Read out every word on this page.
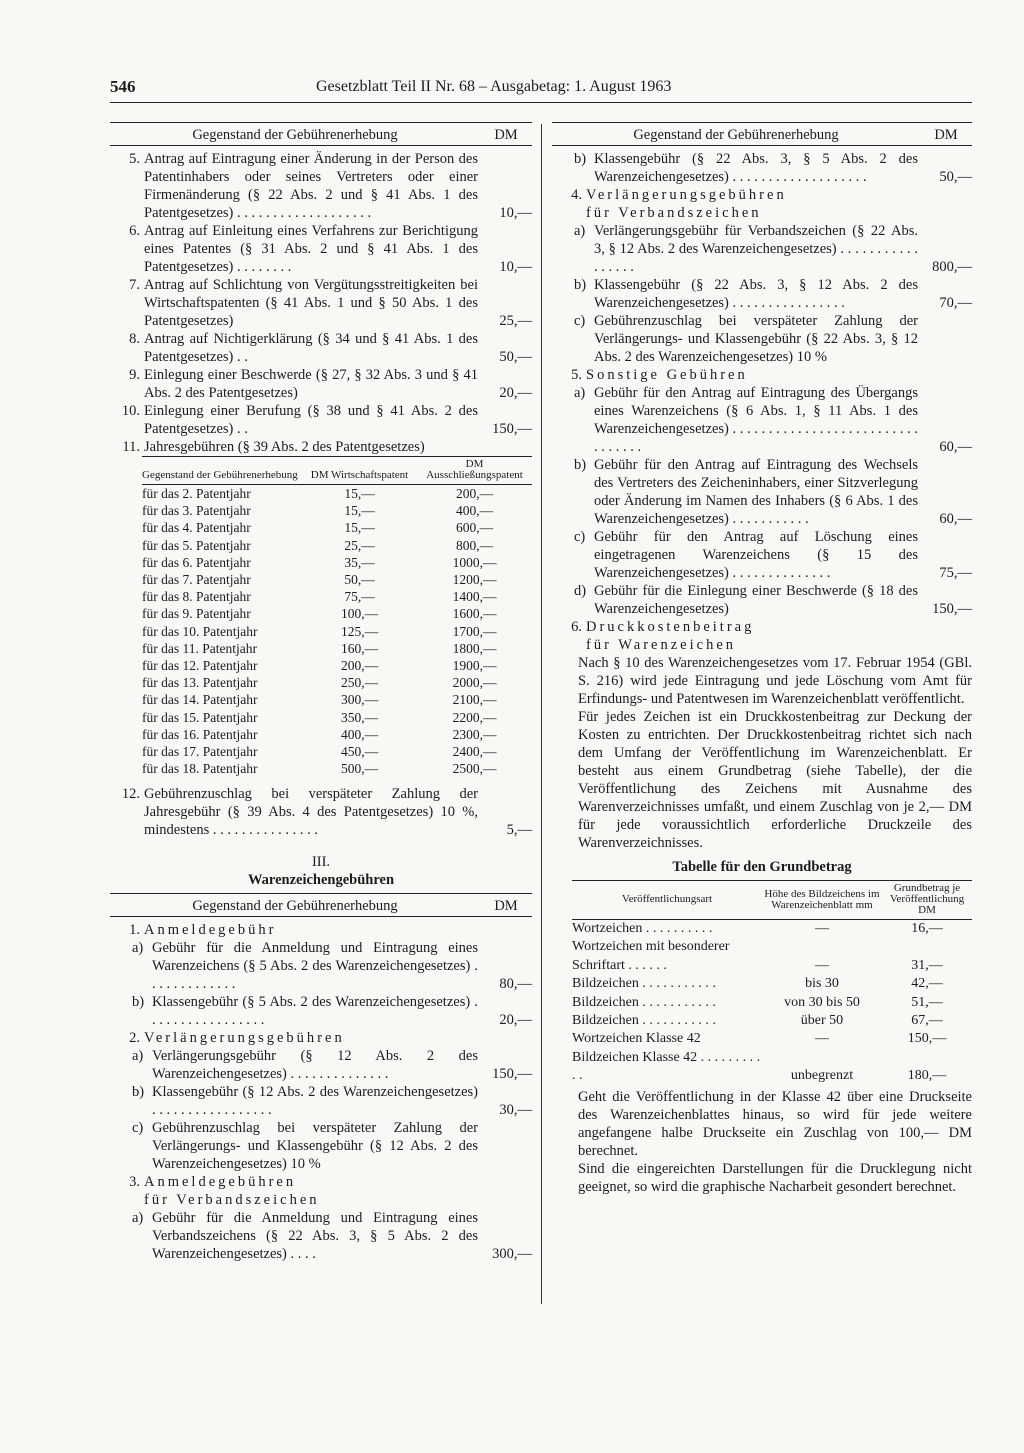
546	Gesetzblatt Teil II Nr. 68 – Ausgabetag: 1. August 1963
Gegenstand der Gebührenerhebung	DM
5. Antrag auf Eintragung einer Änderung in der Person des Patentinhabers oder seines Vertreters oder einer Firmenänderung (§ 22 Abs. 2 und § 41 Abs. 1 des Patentgesetzes) . . . . . . . . . . . . . . . . . . .	10,—
6. Antrag auf Einleitung eines Verfahrens zur Berichtigung eines Patentes (§ 31 Abs. 2 und § 41 Abs. 1 des Patentgesetzes) . . . . . . . .	10,—
7. Antrag auf Schlichtung von Vergütungsstreitigkeiten bei Wirtschaftspatenten (§ 41 Abs. 1 und § 50 Abs. 1 des Patentgesetzes)	25,—
8. Antrag auf Nichtigerklärung (§ 34 und § 41 Abs. 1 des Patentgesetzes) . .	50,—
9. Einlegung einer Beschwerde (§ 27, § 32 Abs. 3 und § 41 Abs. 2 des Patentgesetzes)	20,—
10. Einlegung einer Berufung (§ 38 und § 41 Abs. 2 des Patentgesetzes) . .	150,—
11. Jahresgebühren (§ 39 Abs. 2 des Patentgesetzes)
Gegenstand der Gebührenerhebung	DM Wirtschaftspatent	DM Ausschließungspatent
für das 2. Patentjahr	15,—	200,—
für das 3. Patentjahr	15,—	400,—
für das 4. Patentjahr	15,—	600,—
für das 5. Patentjahr	25,—	800,—
für das 6. Patentjahr	35,—	1000,—
für das 7. Patentjahr	50,—	1200,—
für das 8. Patentjahr	75,—	1400,—
für das 9. Patentjahr	100,—	1600,—
für das 10. Patentjahr	125,—	1700,—
für das 11. Patentjahr	160,—	1800,—
für das 12. Patentjahr	200,—	1900,—
für das 13. Patentjahr	250,—	2000,—
für das 14. Patentjahr	300,—	2100,—
für das 15. Patentjahr	350,—	2200,—
für das 16. Patentjahr	400,—	2300,—
für das 17. Patentjahr	450,—	2400,—
für das 18. Patentjahr	500,—	2500,—
12. Gebührenzuschlag bei verspäteter Zahlung der Jahresgebühr (§ 39 Abs. 4 des Patentgesetzes) 10 %, mindestens . . . . . . . . . . . . . . .	5,—
III.
Warenzeichengebühren
Gegenstand der Gebührenerhebung	DM
1. Anmeldegebühr
a) Gebühr für die Anmeldung und Eintragung eines Warenzeichens (§ 5 Abs. 2 des Warenzeichengesetzes) . . . . . . . . . . . . .	80,—
b) Klassengebühr (§ 5 Abs. 2 des Warenzeichengesetzes) . . . . . . . . . . . . . . . . .	20,—
2. Verlängerungsgebühren
a) Verlängerungsgebühr (§ 12 Abs. 2 des Warenzeichengesetzes) . . . . . . . . . . . . . .	150,—
b) Klassengebühr (§ 12 Abs. 2 des Warenzeichengesetzes) . . . . . . . . . . . . . . . . .	30,—
c) Gebührenzuschlag bei verspäteter Zahlung der Verlängerungs- und Klassengebühr (§ 12 Abs. 2 des Warenzeichengesetzes) 10 %
3. Anmeldegebühren
für Verbandszeichen
a) Gebühr für die Anmeldung und Eintragung eines Verbandszeichens (§ 22 Abs. 3, § 5 Abs. 2 des Warenzeichengesetzes) . . . .	300,—
Gegenstand der Gebührenerhebung	DM
b) Klassengebühr (§ 22 Abs. 3, § 5 Abs. 2 des Warenzeichengesetzes) . . . . . . . . . . . . . . . . . . .	50,—
4. Verlängerungsgebühren
für Verbandszeichen
a) Verlängerungsgebühr für Verbandszeichen (§ 22 Abs. 3, § 12 Abs. 2 des Warenzeichengesetzes) . . . . . . . . . . . . . . . . .	800,—
b) Klassengebühr (§ 22 Abs. 3, § 12 Abs. 2 des Warenzeichengesetzes) . . . . . . . . . . . . . . . .	70,—
c) Gebührenzuschlag bei verspäteter Zahlung der Verlängerungs- und Klassengebühr (§ 22 Abs. 3, § 12 Abs. 2 des Warenzeichengesetzes) 10 %
5. Sonstige Gebühren
a) Gebühr für den Antrag auf Eintragung des Übergangs eines Warenzeichens (§ 6 Abs. 1, § 11 Abs. 1 des Warenzeichengesetzes) . . . . . . . . . . . . . . . . . . . . . . . . . . . . . . . . .	60,—
b) Gebühr für den Antrag auf Eintragung des Wechsels des Vertreters des Zeicheninhabers, einer Sitzverlegung oder Änderung im Namen des Inhabers (§ 6 Abs. 1 des Warenzeichengesetzes) . . . . . . . . . . .	60,—
c) Gebühr für den Antrag auf Löschung eines eingetragenen Warenzeichens (§ 15 des Warenzeichengesetzes) . . . . . . . . . . . . . .	75,—
d) Gebühr für die Einlegung einer Beschwerde (§ 18 des Warenzeichengesetzes)	150,—
6. Druckkostenbeitrag
für Warenzeichen
Nach § 10 des Warenzeichengesetzes vom 17. Februar 1954 (GBl. S. 216) wird jede Eintragung und jede Löschung vom Amt für Erfindungs- und Patentwesen im Warenzeichenblatt veröffentlicht.
Für jedes Zeichen ist ein Druckkostenbeitrag zur Deckung der Kosten zu entrichten. Der Druckkostenbeitrag richtet sich nach dem Umfang der Veröffentlichung im Warenzeichenblatt. Er besteht aus einem Grundbetrag (siehe Tabelle), der die Veröffentlichung des Zeichens mit Ausnahme des Warenverzeichnisses umfaßt, und einem Zuschlag von je 2,— DM für jede voraussichtlich erforderliche Druckzeile des Warenverzeichnisses.
Tabelle für den Grundbetrag
Veröffentlichungsart	Höhe des Bildzeichens im Warenzeichenblatt mm	Grundbetrag je Veröffentlichung DM
Wortzeichen . . . . . . . . . .	—	16,—
Wortzeichen mit besonderer Schriftart . . . . . .	—	31,—
Bildzeichen . . . . . . . . . . .	bis 30	42,—
Bildzeichen . . . . . . . . . . .	von 30 bis 50	51,—
Bildzeichen . . . . . . . . . . .	über 50	67,—
Wortzeichen Klasse 42	—	150,—
Bildzeichen Klasse 42 . . . . . . . . . . .	unbegrenzt	180,—
Geht die Veröffentlichung in der Klasse 42 über eine Druckseite des Warenzeichenblattes hinaus, so wird für jede weitere angefangene halbe Druckseite ein Zuschlag von 100,— DM berechnet.
Sind die eingereichten Darstellungen für die Drucklegung nicht geeignet, so wird die graphische Nacharbeit gesondert berechnet.
